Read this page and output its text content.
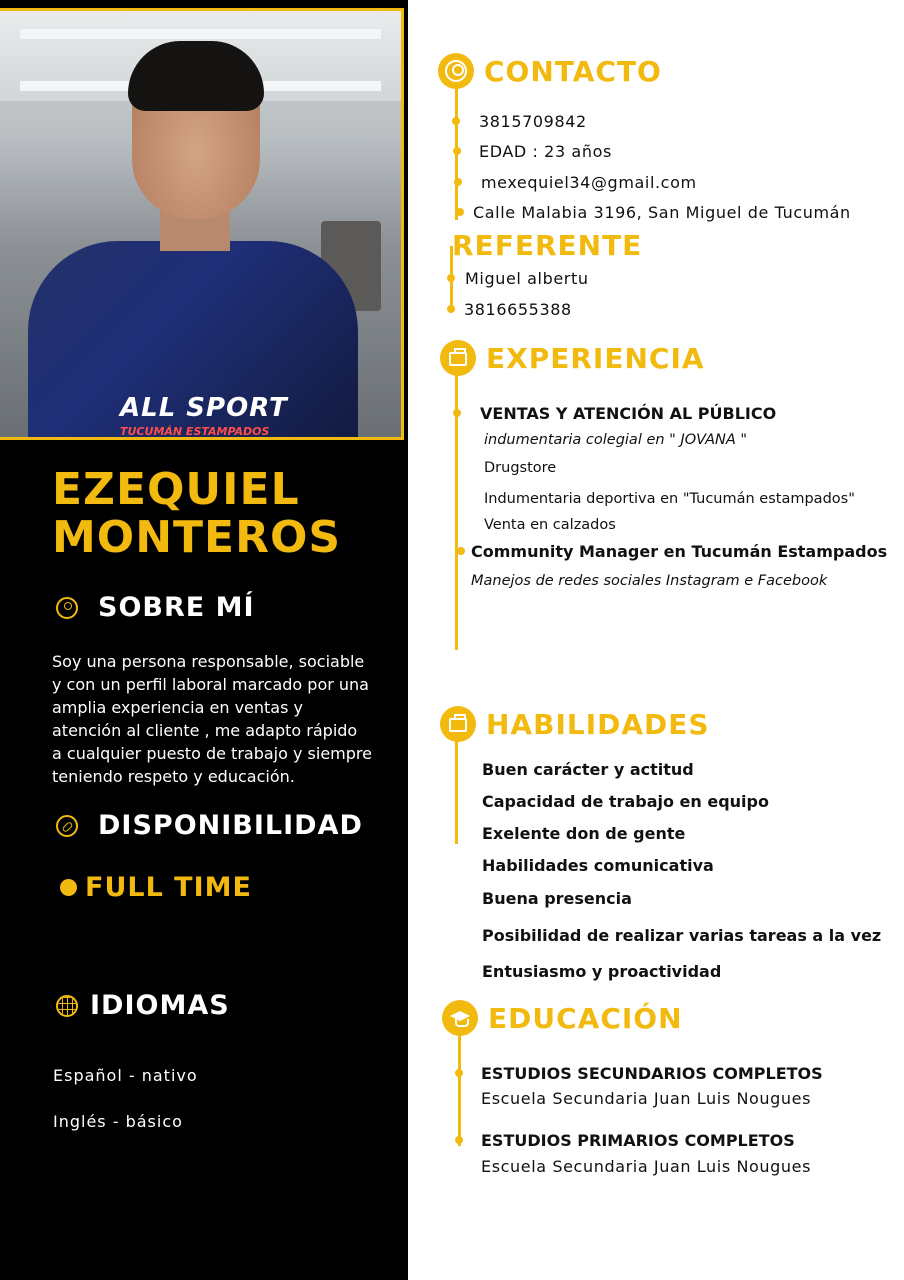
ALL SPORT
TUCUMÁN ESTAMPADOS
EZEQUIEL
MONTEROS
SOBRE MÍ
Soy una persona responsable, sociable y con un perfil laboral marcado por una amplia experiencia en ventas y atención al cliente , me adapto rápido a cualquier puesto de trabajo y siempre teniendo respeto y educación.
DISPONIBILIDAD
FULL TIME
IDIOMAS
Español - nativo
Inglés - básico
CONTACTO
3815709842
EDAD : 23 años
mexequiel34@gmail.com
Calle Malabia 3196, San Miguel de Tucumán
REFERENTE
Miguel albertu
3816655388
EXPERIENCIA
VENTAS Y ATENCIÓN AL PÚBLICO
indumentaria colegial en " JOVANA "
Drugstore
Indumentaria deportiva en "Tucumán estampados"
Venta en calzados
Community Manager en Tucumán Estampados
Manejos de redes sociales Instagram e Facebook
HABILIDADES
Buen carácter y actitud
Capacidad de trabajo en equipo
Exelente don de gente
Habilidades comunicativa
Buena presencia
Posibilidad de realizar varias tareas a la vez
Entusiasmo y proactividad
EDUCACIÓN
ESTUDIOS SECUNDARIOS COMPLETOS
Escuela Secundaria Juan Luis Nougues
ESTUDIOS PRIMARIOS COMPLETOS
Escuela Secundaria Juan Luis Nougues
